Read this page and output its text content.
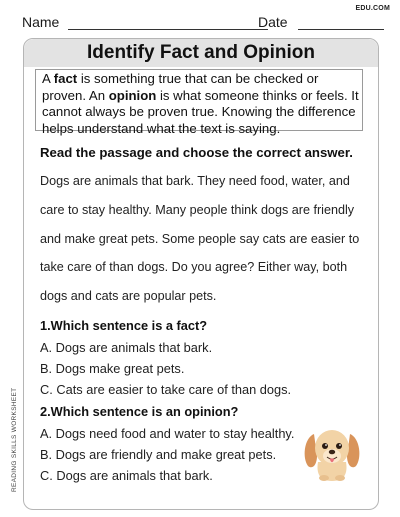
EDU.COM
Name	Date
Identify Fact and Opinion

A fact is something true that can be checked or proven. An opinion is what someone thinks or feels. It cannot always be proven true. Knowing the difference helps understand what the text is saying.

Read the passage and choose the correct answer.

Dogs are animals that bark. They need food, water, and care to stay healthy. Many people think dogs are friendly and make great pets. Some people say cats are easier to take care of than dogs. Do you agree? Either way, both dogs and cats are popular pets.

1.Which sentence is a fact?
A. Dogs are animals that bark.
B. Dogs make great pets.
C. Cats are easier to take care of than dogs.
2.Which sentence is an opinion?
A. Dogs need food and water to stay healthy.
B. Dogs are friendly and make great pets.
C. Dogs are animals that bark.
READING SKILLS WORKSHEET
